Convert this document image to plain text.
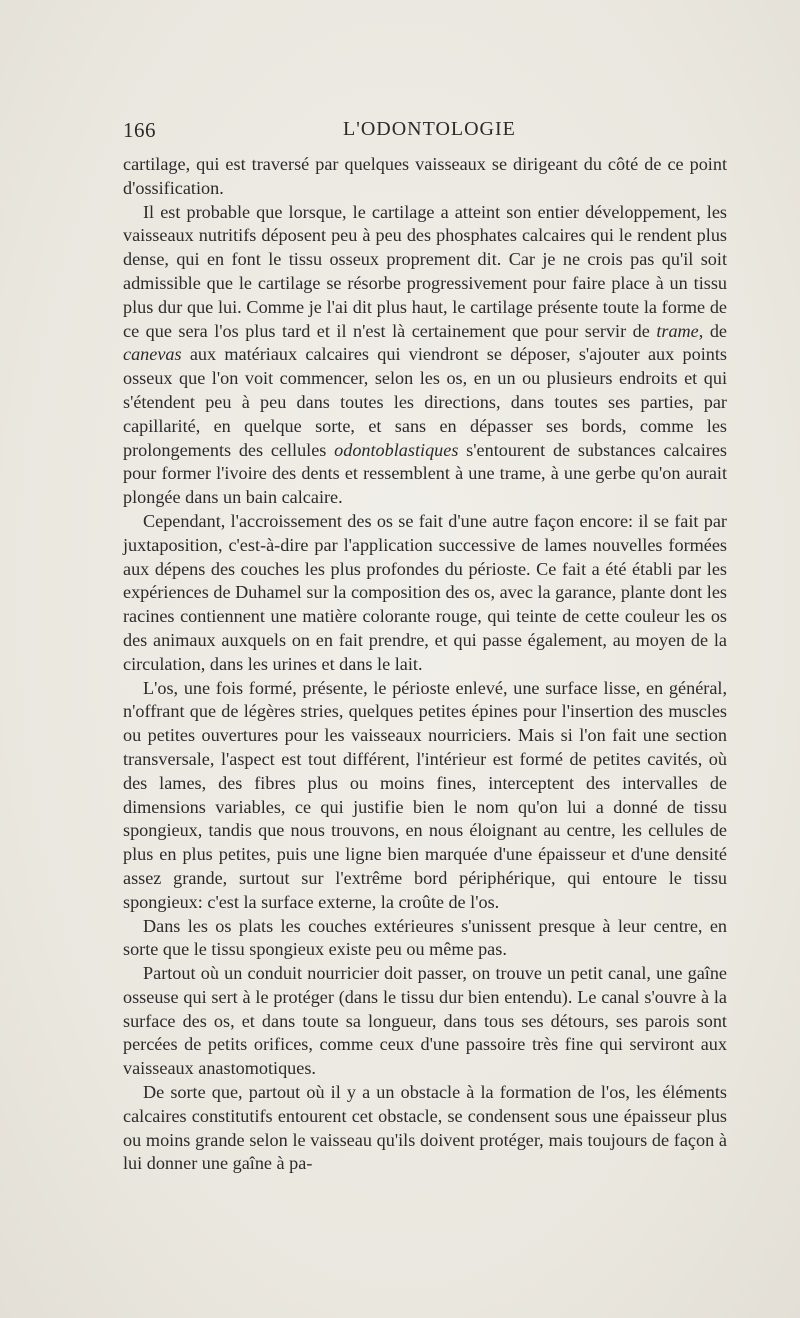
166	L'ODONTOLOGIE

cartilage, qui est traversé par quelques vaisseaux se dirigeant du côté de ce point d'ossification.

Il est probable que lorsque, le cartilage a atteint son entier développement, les vaisseaux nutritifs déposent peu à peu des phosphates calcaires qui le rendent plus dense, qui en font le tissu osseux proprement dit. Car je ne crois pas qu'il soit admissible que le cartilage se résorbe progressivement pour faire place à un tissu plus dur que lui. Comme je l'ai dit plus haut, le cartilage présente toute la forme de ce que sera l'os plus tard et il n'est là certainement que pour servir de trame, de canevas aux matériaux calcaires qui viendront se déposer, s'ajouter aux points osseux que l'on voit commencer, selon les os, en un ou plusieurs endroits et qui s'étendent peu à peu dans toutes les directions, dans toutes ses parties, par capillarité, en quelque sorte, et sans en dépasser ses bords, comme les prolongements des cellules odontoblastiques s'entourent de substances calcaires pour former l'ivoire des dents et ressemblent à une trame, à une gerbe qu'on aurait plongée dans un bain calcaire.

Cependant, l'accroissement des os se fait d'une autre façon encore: il se fait par juxtaposition, c'est-à-dire par l'application successive de lames nouvelles formées aux dépens des couches les plus profondes du périoste. Ce fait a été établi par les expériences de Duhamel sur la composition des os, avec la garance, plante dont les racines contiennent une matière colorante rouge, qui teinte de cette couleur les os des animaux auxquels on en fait prendre, et qui passe également, au moyen de la circulation, dans les urines et dans le lait.

L'os, une fois formé, présente, le périoste enlevé, une surface lisse, en général, n'offrant que de légères stries, quelques petites épines pour l'insertion des muscles ou petites ouvertures pour les vaisseaux nourriciers. Mais si l'on fait une section transversale, l'aspect est tout différent, l'intérieur est formé de petites cavités, où des lames, des fibres plus ou moins fines, interceptent des intervalles de dimensions variables, ce qui justifie bien le nom qu'on lui a donné de tissu spongieux, tandis que nous trouvons, en nous éloignant au centre, les cellules de plus en plus petites, puis une ligne bien marquée d'une épaisseur et d'une densité assez grande, surtout sur l'extrême bord périphérique, qui entoure le tissu spongieux: c'est la surface externe, la croûte de l'os.

Dans les os plats les couches extérieures s'unissent presque à leur centre, en sorte que le tissu spongieux existe peu ou même pas.

Partout où un conduit nourricier doit passer, on trouve un petit canal, une gaîne osseuse qui sert à le protéger (dans le tissu dur bien entendu). Le canal s'ouvre à la surface des os, et dans toute sa longueur, dans tous ses détours, ses parois sont percées de petits orifices, comme ceux d'une passoire très fine qui serviront aux vaisseaux anastomotiques.

De sorte que, partout où il y a un obstacle à la formation de l'os, les éléments calcaires constitutifs entourent cet obstacle, se condensent sous une épaisseur plus ou moins grande selon le vaisseau qu'ils doivent protéger, mais toujours de façon à lui donner une gaîne à pa-
